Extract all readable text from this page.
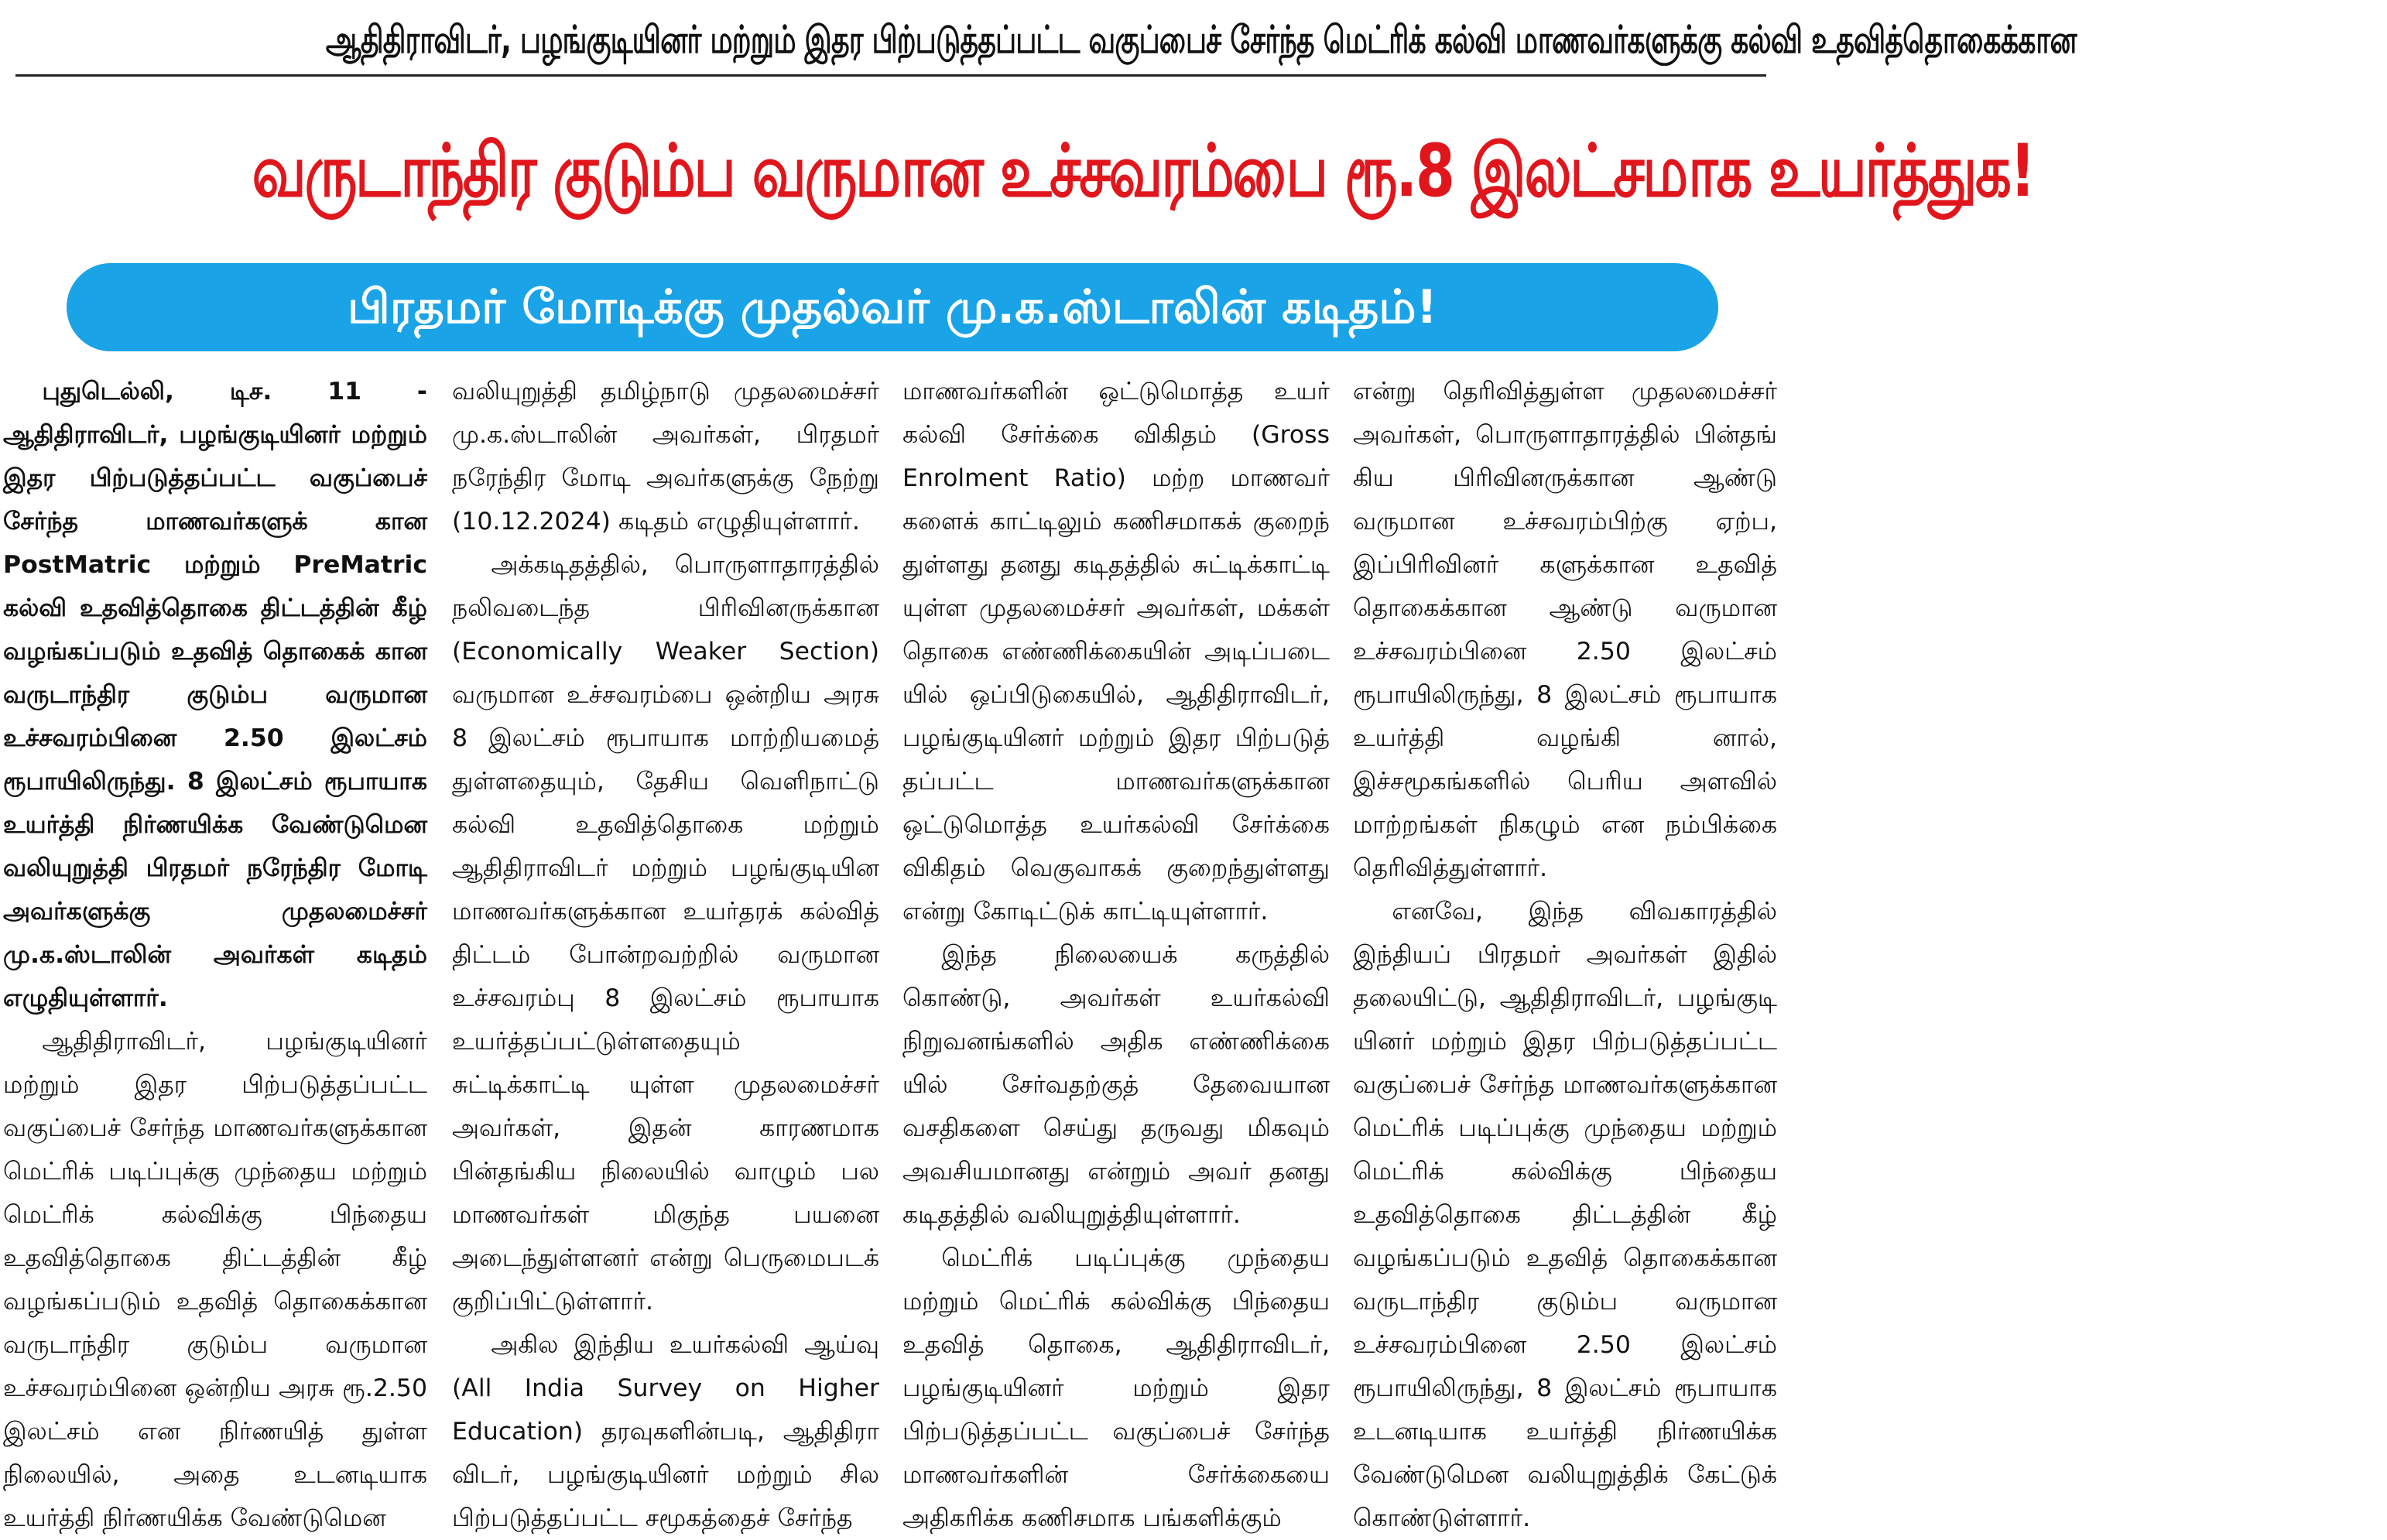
ஆதிதிராவிடர், பழங்குடியினர் மற்றும் இதர பிற்படுத்தப்பட்ட வகுப்பைச் சேர்ந்த மெட்ரிக் கல்வி மாணவர்களுக்கு கல்வி உதவித்தொகைக்கான
வருடாந்திர குடும்ப வருமான உச்சவரம்பை ரூ.8 இலட்சமாக உயர்த்துக!
பிரதமர் மோடிக்கு முதல்வர் மு.க.ஸ்டாலின் கடிதம்!

புதுடெல்லி, டிச. 11 - ஆதிதிராவிடர், பழங்குடியினர் மற்றும் இதர பிற்படுத்தப்பட்ட வகுப்பைச் சேர்ந்த மாணவர்களுக் கான PostMatric மற்றும் PreMatric கல்வி உதவித்தொகை திட்டத்தின் கீழ் வழங்கப்படும் உதவித் தொகைக் கான வருடாந்திர குடும்ப வருமான உச்சவரம்பினை 2.50 இலட்சம் ரூபாயிலிருந்து. 8 இலட்சம் ரூபாயாக உயர்த்தி நிர்ணயிக்க வேண்டுமென வலியுறுத்தி பிரதமர் நரேந்திர மோடி அவர்களுக்கு முதலமைச்சர் மு.க.ஸ்டாலின் அவர்கள் கடிதம் எழுதியுள்ளார்.

ஆதிதிராவிடர், பழங்குடியினர் மற்றும் இதர பிற்படுத்தப்பட்ட வகுப்பைச் சேர்ந்த மாணவர்களுக்கான மெட்ரிக் படிப்புக்கு முந்தைய மற்றும் மெட்ரிக் கல்விக்கு பிந்தைய உதவித்தொகை திட்டத்தின் கீழ் வழங்கப்படும் உதவித் தொகைக்கான வருடாந்திர குடும்ப வருமான உச்சவரம்பினை ஒன்றிய அரசு ரூ.2.50 இலட்சம் என நிர்ணயித் துள்ள நிலையில், அதை உடனடியாக உயர்த்தி நிர்ணயிக்க வேண்டுமென

வலியுறுத்தி தமிழ்நாடு முதலமைச்சர் மு.க.ஸ்டாலின் அவர்கள், பிரதமர் நரேந்திர மோடி அவர்களுக்கு நேற்று (10.12.2024) கடிதம் எழுதியுள்ளார்.

அக்கடிதத்தில், பொருளாதாரத்தில் நலிவடைந்த பிரிவினருக்கான (Economically Weaker Section) வருமான உச்சவரம்பை ஒன்றிய அரசு 8 இலட்சம் ரூபாயாக மாற்றியமைத் துள்ளதையும், தேசிய வெளிநாட்டு கல்வி உதவித்தொகை மற்றும் ஆதிதிராவிடர் மற்றும் பழங்குடியின மாணவர்களுக்கான உயர்தரக் கல்வித் திட்டம் போன்றவற்றில் வருமான உச்சவரம்பு 8 இலட்சம் ரூபாயாக உயர்த்தப்பட்டுள்ளதையும் சுட்டிக்காட்டி யுள்ள முதலமைச்சர் அவர்கள், இதன் காரணமாக பின்தங்கிய நிலையில் வாழும் பல மாணவர்கள் மிகுந்த பயனை அடைந்துள்ளனர் என்று பெருமைபடக் குறிப்பிட்டுள்ளார்.

அகில இந்திய உயர்கல்வி ஆய்வு (All India Survey on Higher Education) தரவுகளின்படி, ஆதிதிரா விடர், பழங்குடியினர் மற்றும் சில பிற்படுத்தப்பட்ட சமூகத்தைச் சேர்ந்த

மாணவர்களின் ஒட்டுமொத்த உயர் கல்வி சேர்க்கை விகிதம் (Gross Enrolment Ratio) மற்ற மாணவர் களைக் காட்டிலும் கணிசமாகக் குறைந் துள்ளது தனது கடிதத்தில் சுட்டிக்காட்டி யுள்ள முதலமைச்சர் அவர்கள், மக்கள் தொகை எண்ணிக்கையின் அடிப்படை யில் ஒப்பிடுகையில், ஆதிதிராவிடர், பழங்குடியினர் மற்றும் இதர பிற்படுத் தப்பட்ட மாணவர்களுக்கான ஒட்டுமொத்த உயர்கல்வி சேர்க்கை விகிதம் வெகுவாகக் குறைந்துள்ளது என்று கோடிட்டுக் காட்டியுள்ளார்.

இந்த நிலையைக் கருத்தில் கொண்டு, அவர்கள் உயர்கல்வி நிறுவனங்களில் அதிக எண்ணிக்கை யில் சேர்வதற்குத் தேவையான வசதிகளை செய்து தருவது மிகவும் அவசியமானது என்றும் அவர் தனது கடிதத்தில் வலியுறுத்தியுள்ளார்.

மெட்ரிக் படிப்புக்கு முந்தைய மற்றும் மெட்ரிக் கல்விக்கு பிந்தைய உதவித் தொகை, ஆதிதிராவிடர், பழங்குடியினர் மற்றும் இதர பிற்படுத்தப்பட்ட வகுப்பைச் சேர்ந்த மாணவர்களின் சேர்க்கையை அதிகரிக்க கணிசமாக பங்களிக்கும்

என்று தெரிவித்துள்ள முதலமைச்சர் அவர்கள், பொருளாதாரத்தில் பின்தங் கிய பிரிவினருக்கான ஆண்டு வருமான உச்சவரம்பிற்கு ஏற்ப, இப்பிரிவினர் களுக்கான உதவித் தொகைக்கான ஆண்டு வருமான உச்சவரம்பினை 2.50 இலட்சம் ரூபாயிலிருந்து, 8 இலட்சம் ரூபாயாக உயர்த்தி வழங்கி னால், இச்சமூகங்களில் பெரிய அளவில் மாற்றங்கள் நிகழும் என நம்பிக்கை தெரிவித்துள்ளார்.

எனவே, இந்த விவகாரத்தில் இந்தியப் பிரதமர் அவர்கள் இதில் தலையிட்டு, ஆதிதிராவிடர், பழங்குடி யினர் மற்றும் இதர பிற்படுத்தப்பட்ட வகுப்பைச் சேர்ந்த மாணவர்களுக்கான மெட்ரிக் படிப்புக்கு முந்தைய மற்றும் மெட்ரிக் கல்விக்கு பிந்தைய உதவித்தொகை திட்டத்தின் கீழ் வழங்கப்படும் உதவித் தொகைக்கான வருடாந்திர குடும்ப வருமான உச்சவரம்பினை 2.50 இலட்சம் ரூபாயிலிருந்து, 8 இலட்சம் ரூபாயாக உடனடியாக உயர்த்தி நிர்ணயிக்க வேண்டுமென வலியுறுத்திக் கேட்டுக் கொண்டுள்ளார்.
